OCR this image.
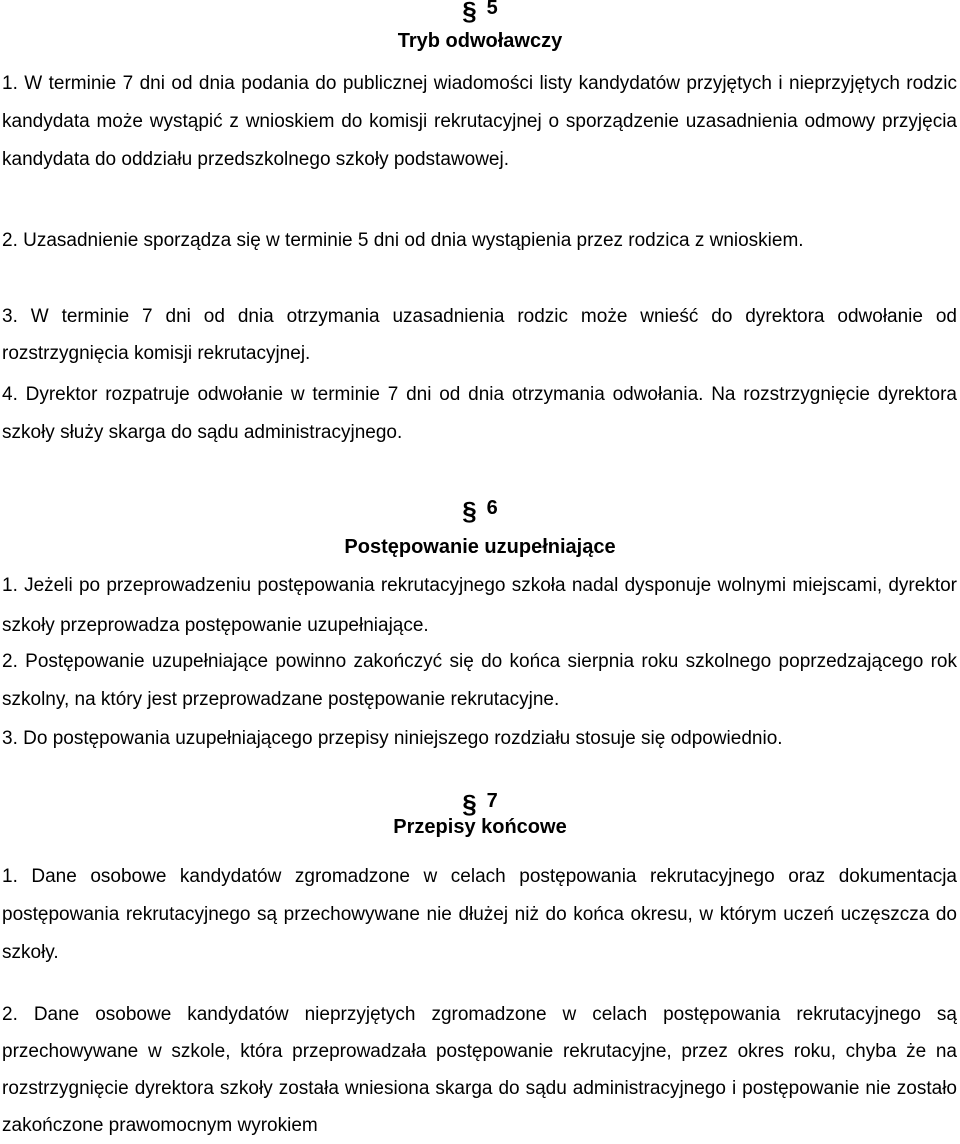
§ 5
Tryb odwoławczy

1. W terminie 7 dni od dnia podania do publicznej wiadomości listy kandydatów przyjętych i nieprzyjętych rodzic kandydata może wystąpić z wnioskiem do komisji rekrutacyjnej o sporządzenie uzasadnienia odmowy przyjęcia kandydata do oddziału przedszkolnego szkoły podstawowej.

2. Uzasadnienie sporządza się w terminie 5 dni od dnia wystąpienia przez rodzica z wnioskiem.

3. W terminie 7 dni od dnia otrzymania uzasadnienia rodzic może wnieść do dyrektora odwołanie od rozstrzygnięcia komisji rekrutacyjnej.

4. Dyrektor rozpatruje odwołanie w terminie 7 dni od dnia otrzymania odwołania. Na rozstrzygnięcie dyrektora szkoły służy skarga do sądu administracyjnego.

§ 6
Postępowanie uzupełniające

1. Jeżeli po przeprowadzeniu postępowania rekrutacyjnego szkoła nadal dysponuje wolnymi miejscami, dyrektor szkoły przeprowadza postępowanie uzupełniające.

2. Postępowanie uzupełniające powinno zakończyć się do końca sierpnia roku szkolnego poprzedzającego rok szkolny, na który jest przeprowadzane postępowanie rekrutacyjne.

3. Do postępowania uzupełniającego przepisy niniejszego rozdziału stosuje się odpowiednio.

§ 7
Przepisy końcowe

1. Dane osobowe kandydatów zgromadzone w celach postępowania rekrutacyjnego oraz dokumentacja postępowania rekrutacyjnego są przechowywane nie dłużej niż do końca okresu, w którym uczeń uczęszcza do szkoły.

2. Dane osobowe kandydatów nieprzyjętych zgromadzone w celach postępowania rekrutacyjnego są przechowywane w szkole, która przeprowadzała postępowanie rekrutacyjne, przez okres roku, chyba że na rozstrzygnięcie dyrektora szkoły została wniesiona skarga do sądu administracyjnego i postępowanie nie zostało zakończone prawomocnym wyrokiem
